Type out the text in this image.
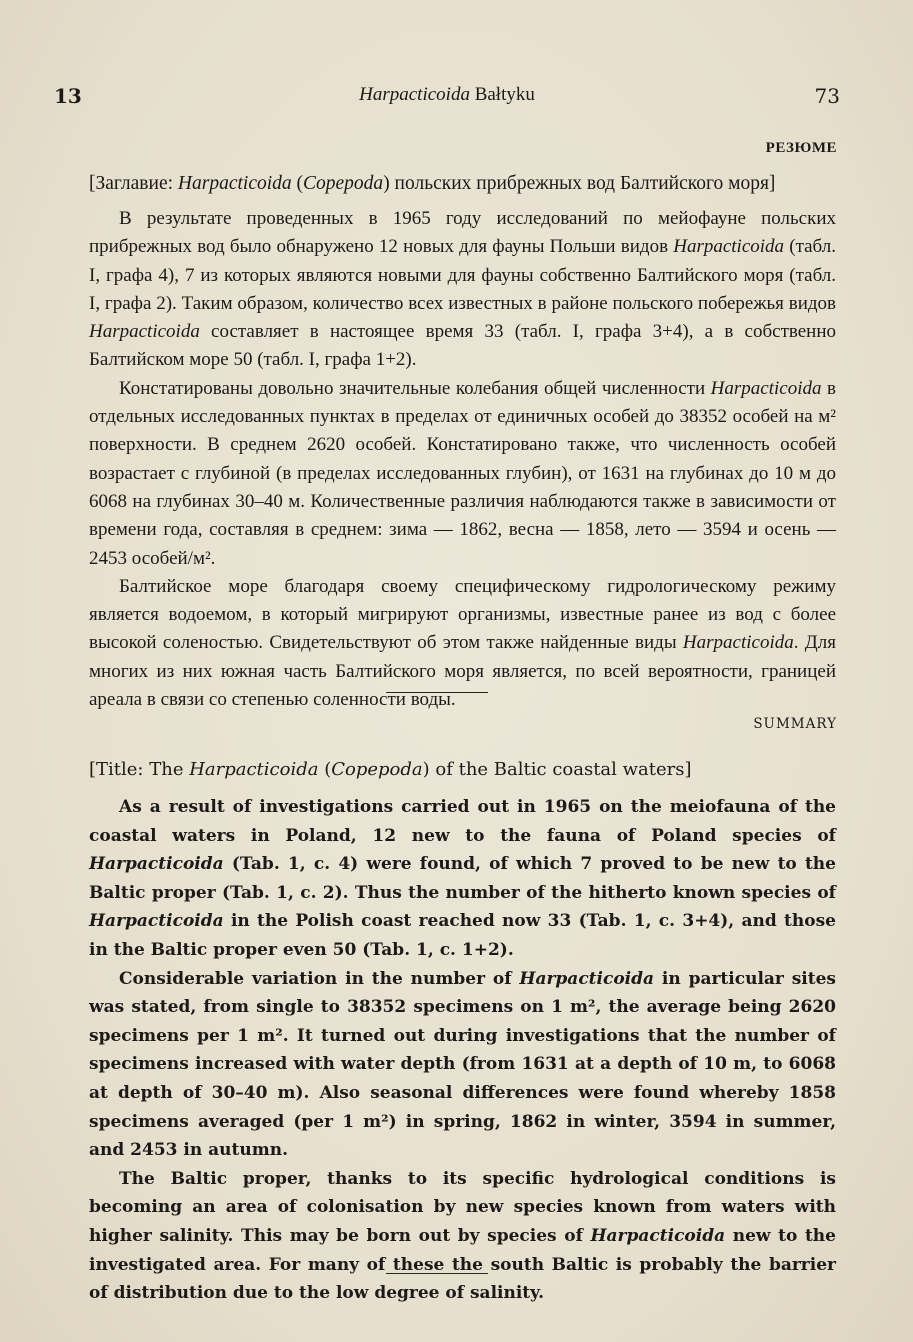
13	Harpacticoida Bałtyku	73
РЕЗЮМЕ
[Заглавие: Harpacticoida (Copepoda) польских прибрежных вод Балтийского моря]

В результате проведенных в 1965 году исследований по мейофауне польских прибрежных вод было обнаружено 12 новых для фауны Польши видов Harpacticoida (табл. I, графа 4), 7 из которых являются новыми для фауны собственно Балтийского моря (табл. I, графа 2). Таким образом, количество всех известных в районе польского побережья видов Harpacticoida составляет в настоящее время 33 (табл. I, графа 3+4), а в собственно Балтийском море 50 (табл. I, графа 1+2).

Констатированы довольно значительные колебания общей численности Harpacticoida в отдельных исследованных пунктах в пределах от единичных особей до 38352 особей на м² поверхности. В среднем 2620 особей. Констатировано также, что численность особей возрастает с глубиной (в пределах исследованных глубин), от 1631 на глубинах до 10 м до 6068 на глубинах 30–40 м. Количественные различия наблюдаются также в зависимости от времени года, составляя в среднем: зима — 1862, весна — 1858, лето — 3594 и осень — 2453 особей/м².

Балтийское море благодаря своему специфическому гидрологическому режиму является водоемом, в который мигрируют организмы, известные ранее из вод с более высокой соленостью. Свидетельствуют об этом также найденные виды Harpacticoida. Для многих из них южная часть Балтийского моря является, по всей вероятности, границей ареала в связи со степенью соленности воды.

SUMMARY
[Title: The Harpacticoida (Copepoda) of the Baltic coastal waters]

As a result of investigations carried out in 1965 on the meiofauna of the coastal waters in Poland, 12 new to the fauna of Poland species of Harpacticoida (Tab. 1, c. 4) were found, of which 7 proved to be new to the Baltic proper (Tab. 1, c. 2). Thus the number of the hitherto known species of Harpacticoida in the Polish coast reached now 33 (Tab. 1, c. 3+4), and those in the Baltic proper even 50 (Tab. 1, c. 1+2).

Considerable variation in the number of Harpacticoida in particular sites was stated, from single to 38352 specimens on 1 m², the average being 2620 specimens per 1 m². It turned out during investigations that the number of specimens increased with water depth (from 1631 at a depth of 10 m, to 6068 at depth of 30–40 m). Also seasonal differences were found whereby 1858 specimens averaged (per 1 m²) in spring, 1862 in winter, 3594 in summer, and 2453 in autumn.

The Baltic proper, thanks to its specific hydrological conditions is becoming an area of colonisation by new species known from waters with higher salinity. This may be born out by species of Harpacticoida new to the investigated area. For many of these the south Baltic is probably the barrier of distribution due to the low degree of salinity.
